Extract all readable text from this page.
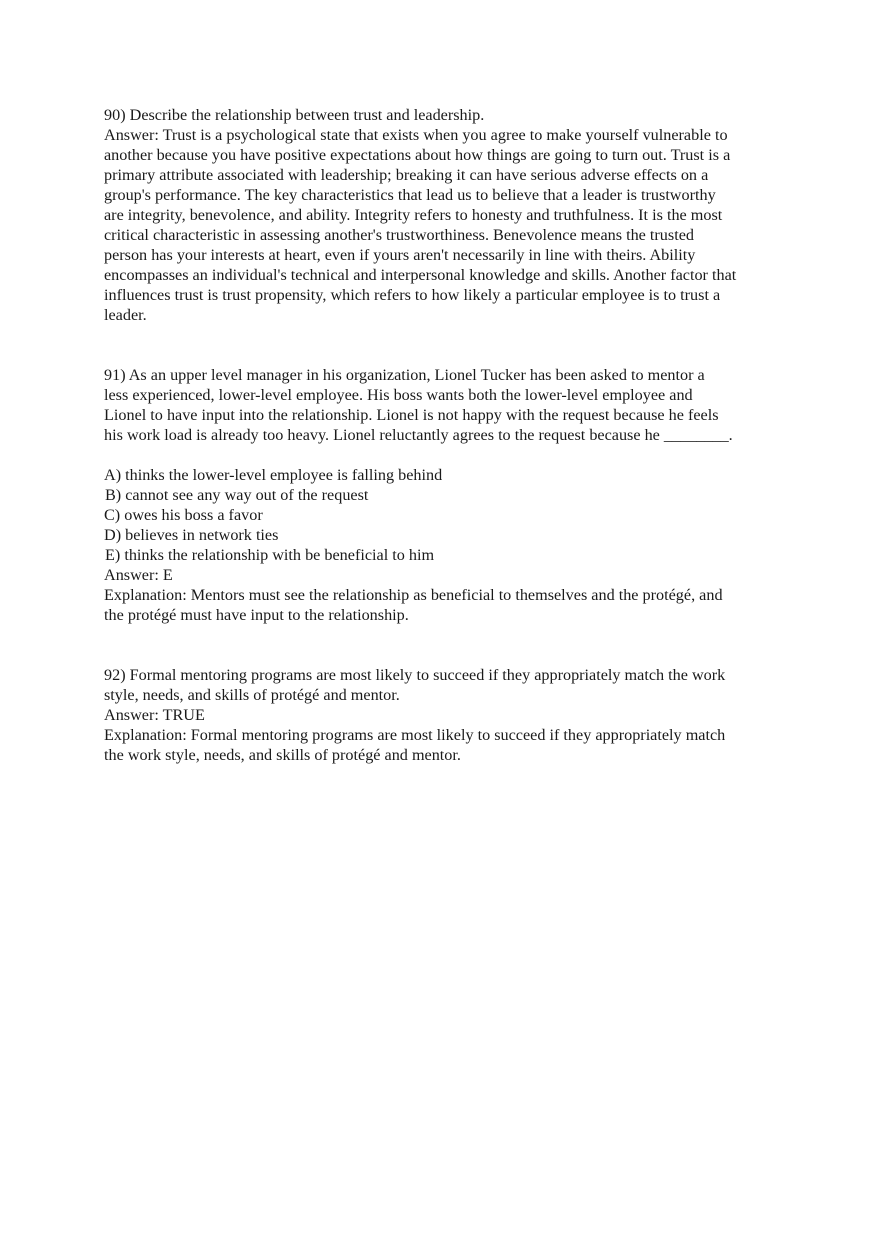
90) Describe the relationship between trust and leadership.
Answer: Trust is a psychological state that exists when you agree to make yourself vulnerable to
another because you have positive expectations about how things are going to turn out. Trust is a
primary attribute associated with leadership; breaking it can have serious adverse effects on a
group's performance. The key characteristics that lead us to believe that a leader is trustworthy
are integrity, benevolence, and ability. Integrity refers to honesty and truthfulness. It is the most
critical characteristic in assessing another's trustworthiness. Benevolence means the trusted
person has your interests at heart, even if yours aren't necessarily in line with theirs. Ability
encompasses an individual's technical and interpersonal knowledge and skills. Another factor that
influences trust is trust propensity, which refers to how likely a particular employee is to trust a
leader.
91) As an upper level manager in his organization, Lionel Tucker has been asked to mentor a
less experienced, lower-level employee. His boss wants both the lower-level employee and
Lionel to have input into the relationship. Lionel is not happy with the request because he feels
his work load is already too heavy. Lionel reluctantly agrees to the request because he ________.
A) thinks the lower-level employee is falling behind
B) cannot see any way out of the request
C) owes his boss a favor
D) believes in network ties
E) thinks the relationship with be beneficial to him
Answer: E
Explanation: Mentors must see the relationship as beneficial to themselves and the protégé, and
the protégé must have input to the relationship.
92) Formal mentoring programs are most likely to succeed if they appropriately match the work
style, needs, and skills of protégé and mentor.
Answer: TRUE
Explanation: Formal mentoring programs are most likely to succeed if they appropriately match
the work style, needs, and skills of protégé and mentor.
